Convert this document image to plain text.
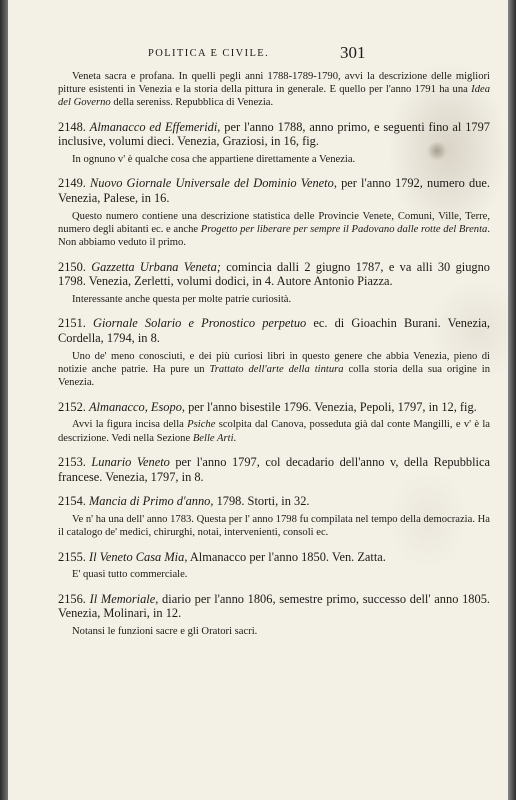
POLITICA E CIVILE.	301

Veneta sacra e profana. In quelli pegli anni 1788-1789-1790, avvi la descrizione delle migliori pitture esistenti in Venezia e la storia della pittura in generale. E quello per l'anno 1791 ha una Idea del Governo della sereniss. Repubblica di Venezia.

2148. Almanacco ed Effemeridi, per l'anno 1788, anno primo, e seguenti fino al 1797 inclusive, volumi dieci. Venezia, Graziosi, in 16, fig.

In ognuno v' è qualche cosa che appartiene direttamente a Venezia.

2149. Nuovo Giornale Universale del Dominio Veneto, per l'anno 1792, numero due. Venezia, Palese, in 16.

Questo numero contiene una descrizione statistica delle Provincie Venete, Comuni, Ville, Terre, numero degli abitanti ec. e anche Progetto per liberare per sempre il Padovano dalle rotte del Brenta. Non abbiamo veduto il primo.

2150. Gazzetta Urbana Veneta; comincia dalli 2 giugno 1787, e va alli 30 giugno 1798. Venezia, Zerletti, volumi dodici, in 4. Autore Antonio Piazza.

Interessante anche questa per molte patrie curiosità.

2151. Giornale Solario e Pronostico perpetuo ec. di Gioachin Burani. Venezia, Cordella, 1794, in 8.

Uno de' meno conosciuti, e dei più curiosi libri in questo genere che abbia Venezia, pieno di notizie anche patrie. Ha pure un Trattato dell'arte della tintura colla storia della sua origine in Venezia.

2152. Almanacco, Esopo, per l'anno bisestile 1796. Venezia, Pepoli, 1797, in 12, fig.

Avvi la figura incisa della Psiche scolpita dal Canova, posseduta già dal conte Mangilli, e v' è la descrizione. Vedi nella Sezione Belle Arti.

2153. Lunario Veneto per l'anno 1797, col decadario dell'anno v, della Repubblica francese. Venezia, 1797, in 8.

2154. Mancia di Primo d'anno, 1798. Storti, in 32.

Ve n' ha una dell' anno 1783. Questa per l' anno 1798 fu compilata nel tempo della democrazia. Ha il catalogo de' medici, chirurghi, notai, intervenienti, consoli ec.

2155. Il Veneto Casa Mia, Almanacco per l'anno 1850. Ven. Zatta.

E' quasi tutto commerciale.

2156. Il Memoriale, diario per l'anno 1806, semestre primo, successo dell' anno 1805. Venezia, Molinari, in 12.

Notansi le funzioni sacre e gli Oratori sacri.
